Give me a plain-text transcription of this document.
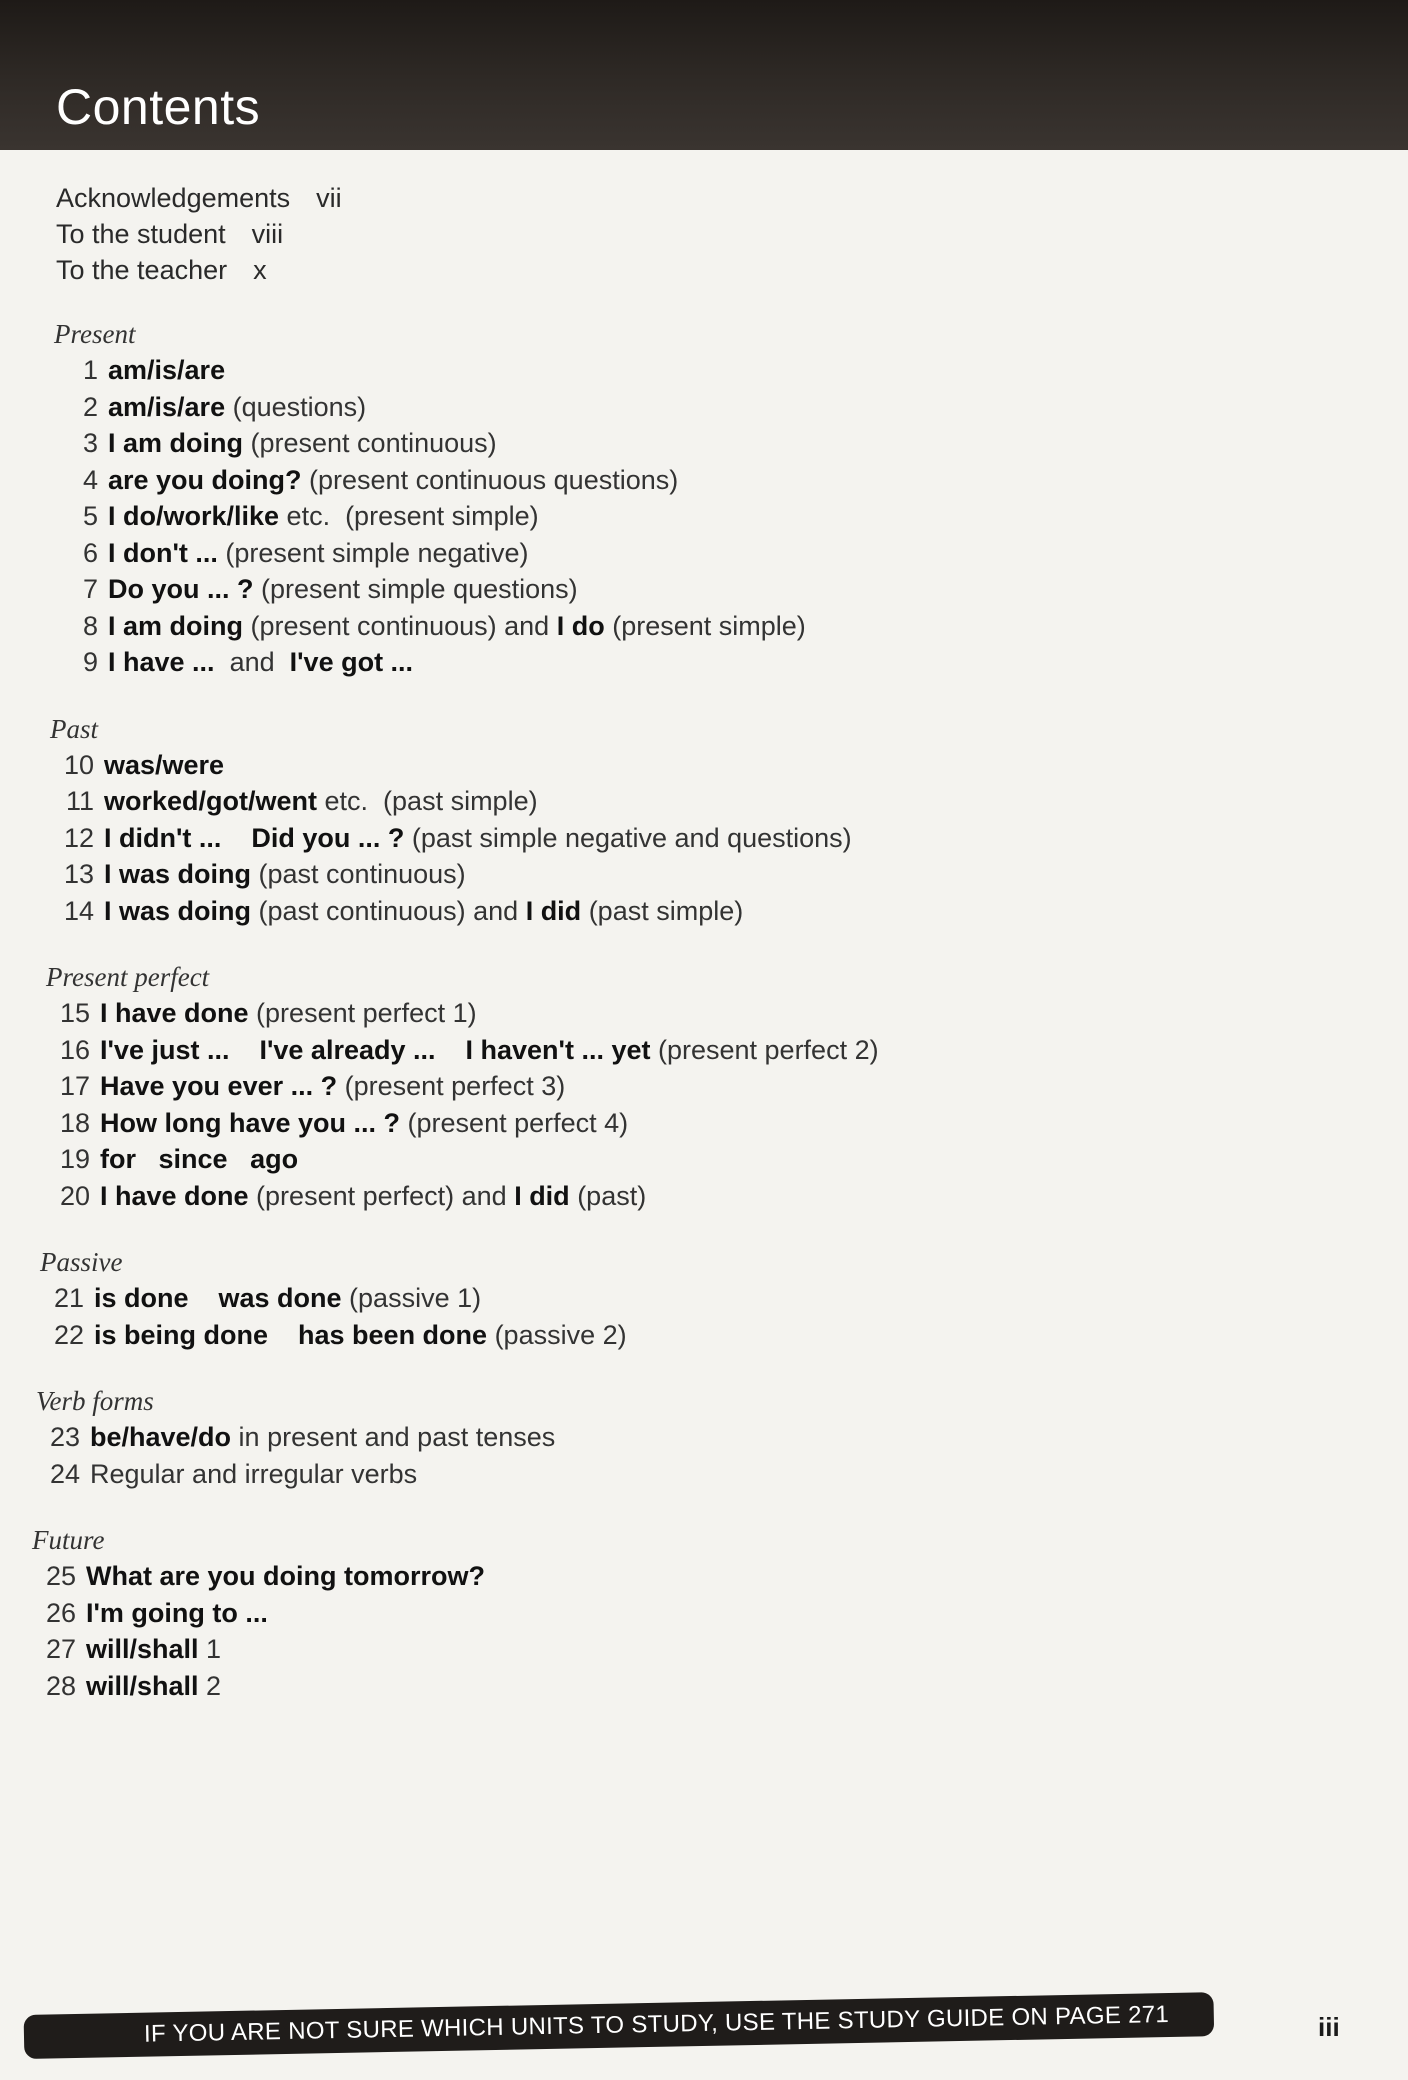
Contents
Acknowledgements vii
To the student viii
To the teacher x
Present
1 am/is/are
2 am/is/are (questions)
3 I am doing (present continuous)
4 are you doing? (present continuous questions)
5 I do/work/like etc.  (present simple)
6 I don't ... (present simple negative)
7 Do you ... ? (present simple questions)
8 I am doing (present continuous) and I do (present simple)
9 I have ...  and  I've got ...
Past
10 was/were
11 worked/got/went etc.  (past simple)
12 I didn't ... Did you ... ? (past simple negative and questions)
13 I was doing (past continuous)
14 I was doing (past continuous) and I did (past simple)
Present perfect
15 I have done (present perfect 1)
16 I've just ... I've already ... I haven't ... yet (present perfect 2)
17 Have you ever ... ? (present perfect 3)
18 How long have you ... ? (present perfect 4)
19 for since ago
20 I have done (present perfect) and I did (past)
Passive
21 is done was done (passive 1)
22 is being done has been done (passive 2)
Verb forms
23 be/have/do in present and past tenses
24 Regular and irregular verbs
Future
25 What are you doing tomorrow?
26 I'm going to ...
27 will/shall 1
28 will/shall 2
IF YOU ARE NOT SURE WHICH UNITS TO STUDY, USE THE STUDY GUIDE ON PAGE 271	iii
